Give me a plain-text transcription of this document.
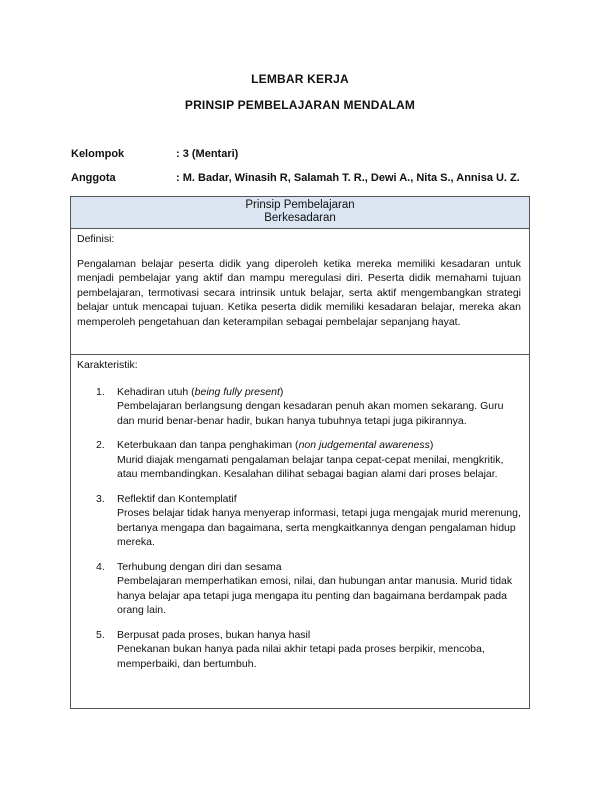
LEMBAR KERJA
PRINSIP PEMBELAJARAN MENDALAM
Kelompok	: 3 (Mentari)
Anggota	: M. Badar, Winasih R, Salamah T. R., Dewi A., Nita S., Annisa U. Z.
Prinsip Pembelajaran
Berkesadaran
Definisi:
Pengalaman belajar peserta didik yang diperoleh ketika mereka memiliki kesadaran untuk menjadi pembelajar yang aktif dan mampu meregulasi diri. Peserta didik memahami tujuan pembelajaran, termotivasi secara intrinsik untuk belajar, serta aktif mengembangkan strategi belajar untuk mencapai tujuan. Ketika peserta didik memiliki kesadaran belajar, mereka akan memperoleh pengetahuan dan keterampilan sebagai pembelajar sepanjang hayat.
Karakteristik:
1. Kehadiran utuh (being fully present)
Pembelajaran berlangsung dengan kesadaran penuh akan momen sekarang. Guru dan murid benar-benar hadir, bukan hanya tubuhnya tetapi juga pikirannya.
2. Keterbukaan dan tanpa penghakiman (non judgemental awareness)
Murid diajak mengamati pengalaman belajar tanpa cepat-cepat menilai, mengkritik, atau membandingkan. Kesalahan dilihat sebagai bagian alami dari proses belajar.
3. Reflektif dan Kontemplatif
Proses belajar tidak hanya menyerap informasi, tetapi juga mengajak murid merenung, bertanya mengapa dan bagaimana, serta mengkaitkannya dengan pengalaman hidup mereka.
4. Terhubung dengan diri dan sesama
Pembelajaran memperhatikan emosi, nilai, dan hubungan antar manusia. Murid tidak hanya belajar apa tetapi juga mengapa itu penting dan bagaimana berdampak pada orang lain.
5. Berpusat pada proses, bukan hanya hasil
Penekanan bukan hanya pada nilai akhir tetapi pada proses berpikir, mencoba, memperbaiki, dan bertumbuh.
